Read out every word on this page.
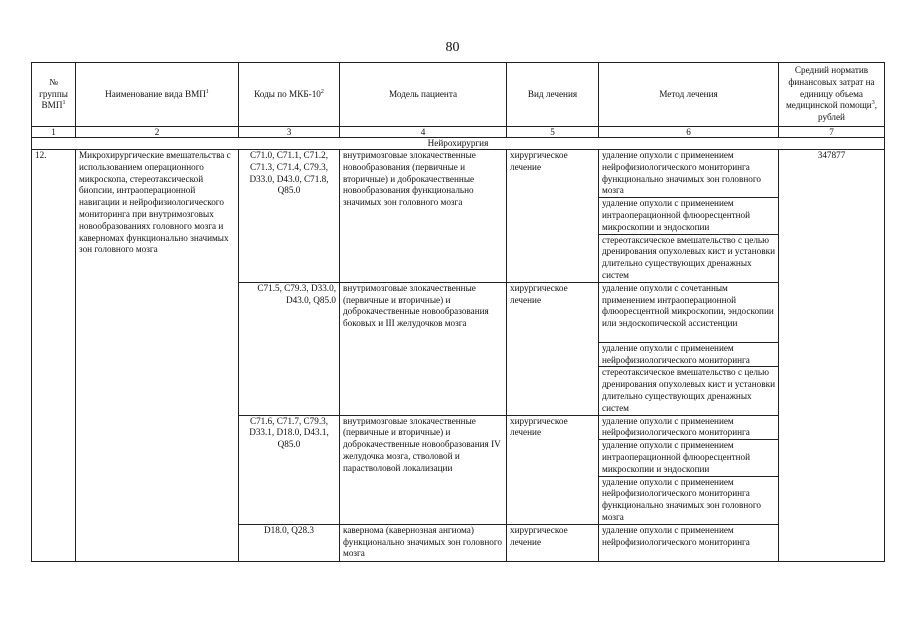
80
№ группы ВМП$^1$	Наименование вида ВМП$^1$	Коды по МКБ-$10^2$	Модель пациента	Вид лечения	Метод лечения	Средний норматив финансовых затрат на единицу объема медицинской помощи$^3$, рублей
1	2	3	4	5	6	7
Нейрохирургия						
12.	Микрохирургические вмешательства с использованием операционного микроскопа, стереотаксической биопсии, интраоперационной навигации и нейрофизиологического мониторинга при внутримозговых новообразованиях головного мозга и каверномах функционально значимых зон головного мозга	C71.0, C71.1, C71.2, C71.3, C71.4, C79.3, D33.0, D43.0, C71.8, Q85.0	внутримозговые злокачественные новообразования (первичные и вторичные) и доброкачественные новообразования функционально значимых зон головного мозга	хирургическое лечение	удаление опухоли с применением нейрофизиологического мониторинга функционально значимых зон головного мозга	347877
					удаление опухоли с применением интраоперационной флюоресцентной микроскопии и эндоскопии	
					стереотаксическое вмешательство с целью дренирования опухолевых кист и установки длительно существующих дренажных систем	
		C71.5, C79.3, D33.0, D43.0, Q85.0	внутримозговые злокачественные (первичные и вторичные) и доброкачественные новообразования боковых и III желудочков мозга	хирургическое лечение	удаление опухоли с сочетанным применением интраоперационной флюоресцентной микроскопии, эндоскопии или эндоскопической ассистенции	
					удаление опухоли с применением нейрофизиологического мониторинга	
					стереотаксическое вмешательство с целью дренирования опухолевых кист и установки длительно существующих дренажных систем	
		C71.6, C71.7, C79.3, D33.1, D18.0, D43.1, Q85.0	внутримозговые злокачественные (первичные и вторичные) и доброкачественные новообразования IV желудочка мозга, стволовой и парастволовой локализации	хирургическое лечение	удаление опухоли с применением нейрофизиологического мониторинга	
					удаление опухоли с применением интраоперационной флюоресцентной микроскопии и эндоскопии	
					удаление опухоли с применением нейрофизиологического мониторинга функционально значимых зон головного мозга	
		D18.0, Q28.3	кавернома (кавернозная ангиома) функционально значимых зон головного мозга	хирургическое лечение	удаление опухоли с применением нейрофизиологического мониторинга	
